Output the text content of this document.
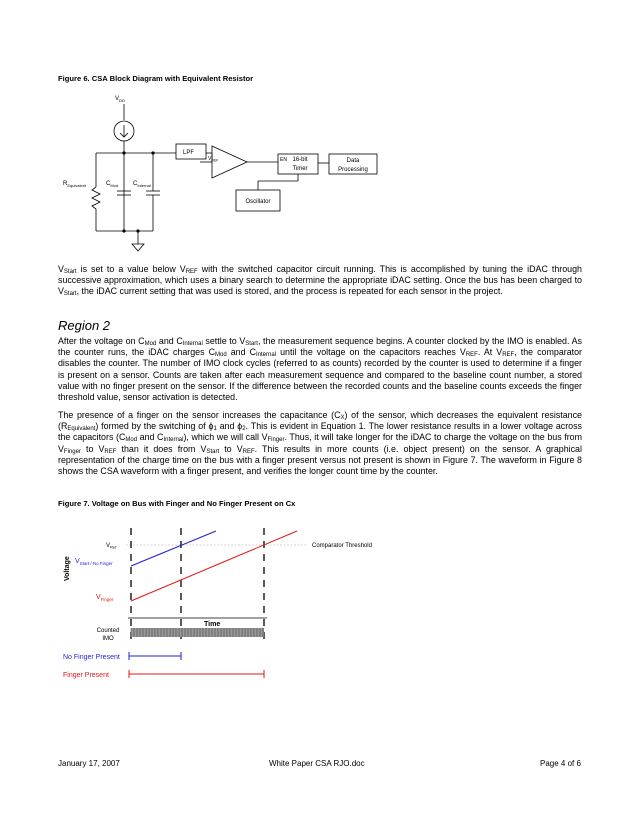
Figure 6. CSA Block Diagram with Equivalent Resistor
$V_{DD}$
$R_{Equivalent}$	$C_{Mod}$ $C_{Internal}$
LPF
$V_{REF}$	EN 16-bit
Timer
Data
Processing
Oscillator

$V_{Start}$ is set to a value below $V_{REF}$ with the switched capacitor circuit running. This is accomplished by tuning the iDAC through successive approximation, which uses a binary search to determine the appropriate iDAC setting. Once the bus has been charged to $V_{Start}$, the iDAC current setting that was used is stored, and the process is repeated for each sensor in the project.

Region 2

After the voltage on $C_{Mod}$ and $C_{Internal}$ settle to $V_{Start}$, the measurement sequence begins. A counter clocked by the IMO is enabled. As the counter runs, the iDAC charges $C_{Mod}$ and $C_{Internal}$ until the voltage on the capacitors reaches $V_{REF}$. At $V_{REF}$, the comparator disables the counter. The number of IMO clock cycles (referred to as counts) recorded by the counter is used to determine if a finger is present on a sensor. Counts are taken after each measurement sequence and compared to the baseline count number, a stored value with no finger present on the sensor. If the difference between the recorded counts and the baseline counts exceeds the finger threshold value, sensor activation is detected.

The presence of a finger on the sensor increases the capacitance $(C_X)$ of the sensor, which decreases the equivalent resistance $(R_{Equivalent})$ formed by the switching of $\phi_1$ and $\phi_2$. This is evident in Equation 1. The lower resistance results in a lower voltage across the capacitors ($C_{Mod}$ and $C_{Internal}$), which we will call $V_{Finger}$. Thus, it will take longer for the iDAC to charge the voltage on the bus from $V_{Finger}$ to $V_{REF}$ than it does from $V_{Start}$ to $V_{REF}$. This results in more counts (i.e. object present) on the sensor. A graphical representation of the charge time on the bus with a finger present versus not present is shown in Figure 7. The waveform in Figure 8 shows the CSA waveform with a finger present, and verifies the longer count time by the counter.

Figure 7. Voltage on Bus with Finger and No Finger Present on Cx
$V_{Ref}$	Comparator Threshold
Voltage $V_{Start / No Finger}$
$V_{Finger}$
Time
Counted
IMO
No Finger Present
Finger Present
January 17, 2007	White Paper CSA RJO.doc	Page 4 of 6
